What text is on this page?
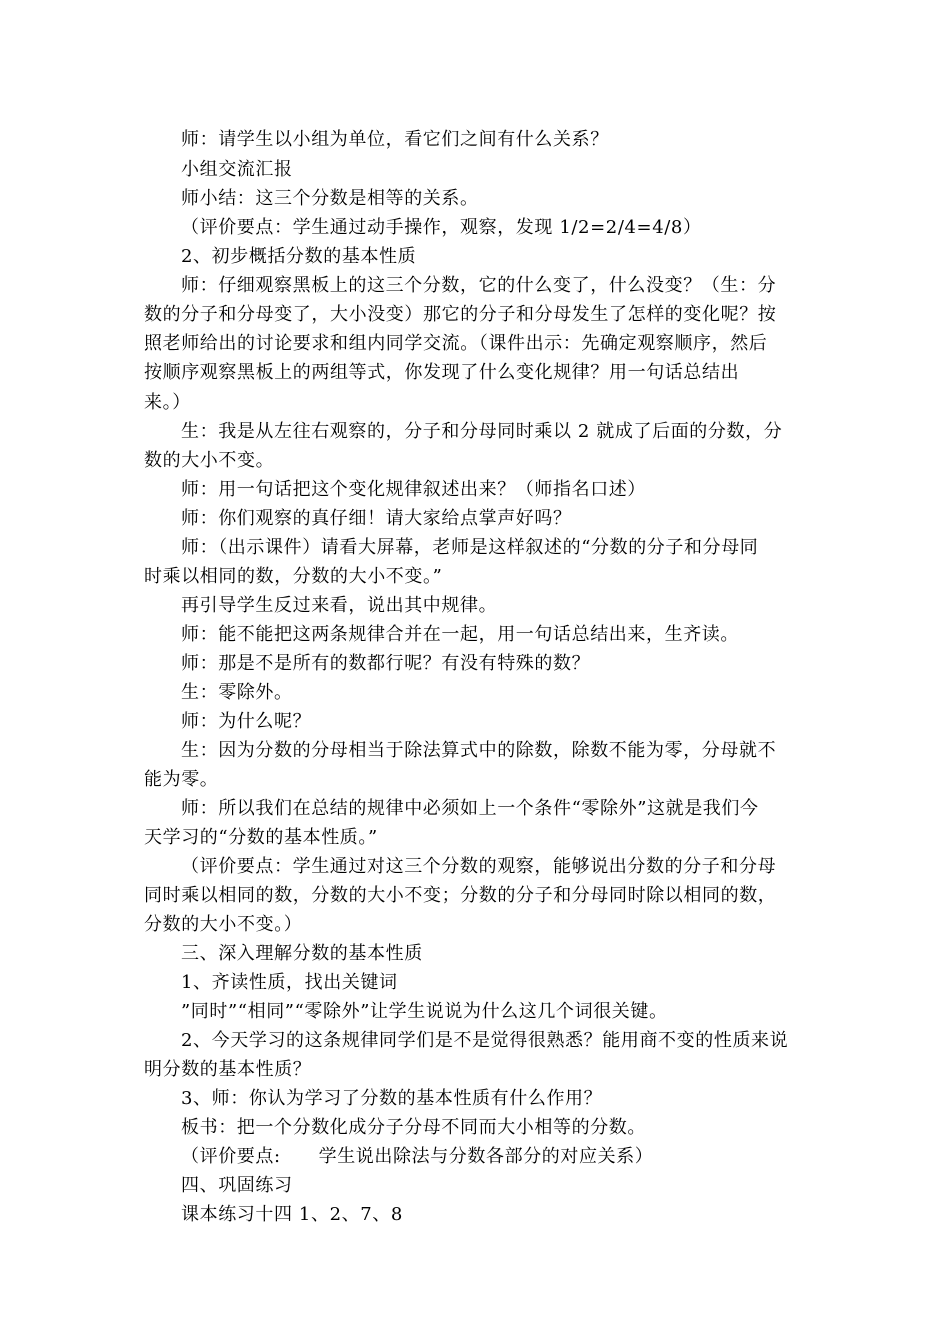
师：请学生以小组为单位，看它们之间有什么关系？
小组交流汇报
师小结：这三个分数是相等的关系。
（评价要点：学生通过动手操作，观察，发现 1/2=2/4=4/8）
2、初步概括分数的基本性质
师：仔细观察黑板上的这三个分数，它的什么变了，什么没变？（生：分
数的分子和分母变了，大小没变）那它的分子和分母发生了怎样的变化呢？按
照老师给出的讨论要求和组内同学交流。（课件出示：先确定观察顺序，然后
按顺序观察黑板上的两组等式，你发现了什么变化规律？用一句话总结出
来。）
生：我是从左往右观察的，分子和分母同时乘以 2 就成了后面的分数，分
数的大小不变。
师：用一句话把这个变化规律叙述出来？（师指名口述）
师：你们观察的真仔细！请大家给点掌声好吗？
师：（出示课件）请看大屏幕，老师是这样叙述的“分数的分子和分母同
时乘以相同的数，分数的大小不变。”
再引导学生反过来看，说出其中规律。
师：能不能把这两条规律合并在一起，用一句话总结出来，生齐读。
师：那是不是所有的数都行呢？有没有特殊的数？
生：零除外。
师：为什么呢？
生：因为分数的分母相当于除法算式中的除数，除数不能为零，分母就不
能为零。
师：所以我们在总结的规律中必须如上一个条件“零除外”这就是我们今
天学习的“分数的基本性质。”
（评价要点：学生通过对这三个分数的观察，能够说出分数的分子和分母
同时乘以相同的数，分数的大小不变；分数的分子和分母同时除以相同的数，
分数的大小不变。）
三、深入理解分数的基本性质
1、齐读性质，找出关键词
”同时”“相同”“零除外”让学生说说为什么这几个词很关键。
2、今天学习的这条规律同学们是不是觉得很熟悉？能用商不变的性质来说
明分数的基本性质？
3、师：你认为学习了分数的基本性质有什么作用？
板书：把一个分数化成分子分母不同而大小相等的分数。
（评价要点:      学生说出除法与分数各部分的对应关系）
四、巩固练习
课本练习十四 1、2、7、8
